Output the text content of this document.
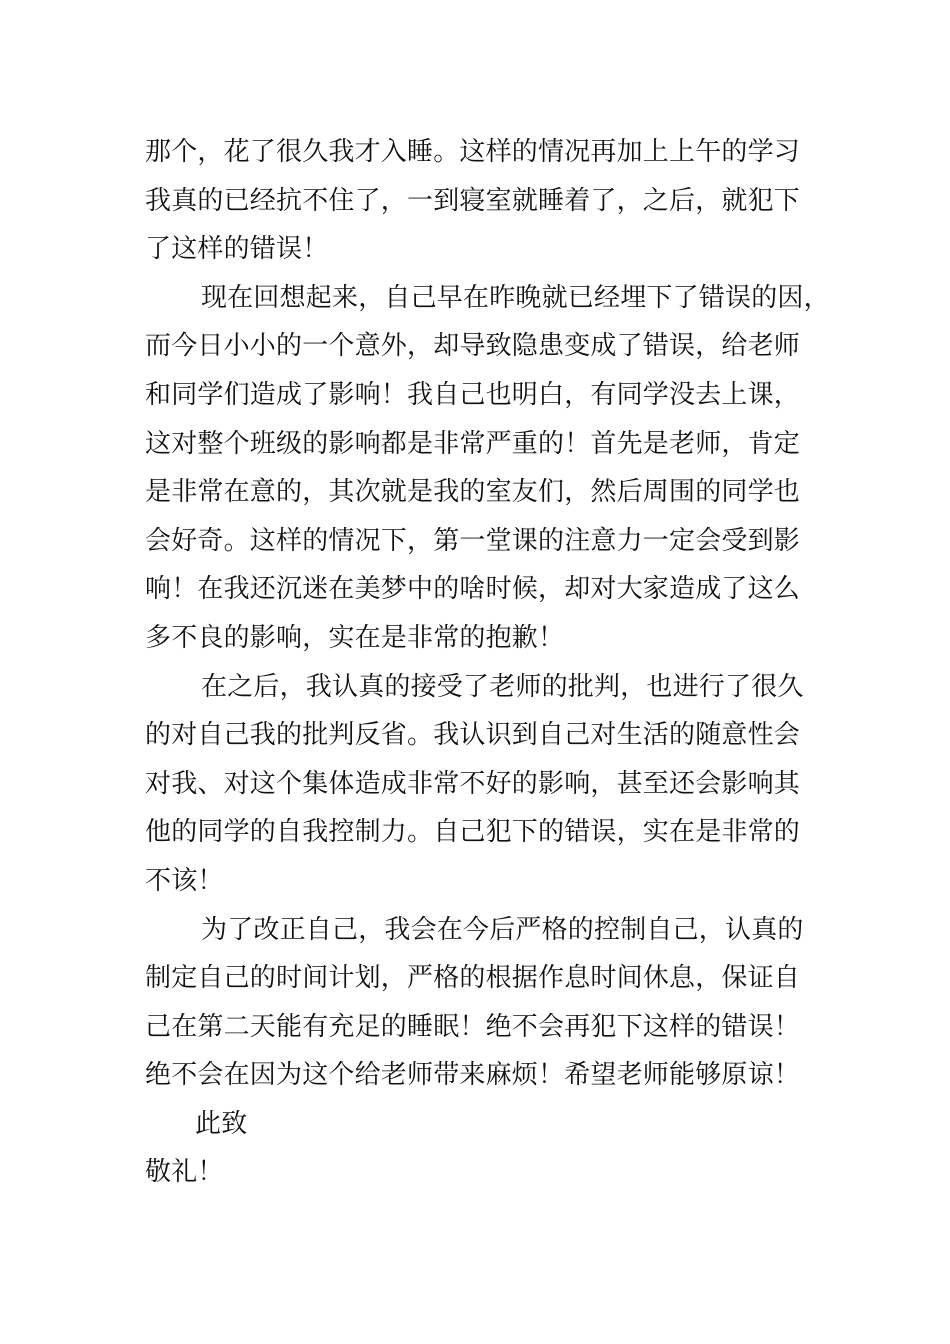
那个，花了很久我才入睡。这样的情况再加上上午的学习
我真的已经抗不住了，一到寝室就睡着了，之后，就犯下
了这样的错误！
现在回想起来，自己早在昨晚就已经埋下了错误的因，
而今日小小的一个意外，却导致隐患变成了错误，给老师
和同学们造成了影响！我自己也明白，有同学没去上课，
这对整个班级的影响都是非常严重的！首先是老师，肯定
是非常在意的，其次就是我的室友们，然后周围的同学也
会好奇。这样的情况下，第一堂课的注意力一定会受到影
响！在我还沉迷在美梦中的啥时候，却对大家造成了这么
多不良的影响，实在是非常的抱歉！
在之后，我认真的接受了老师的批判，也进行了很久
的对自己我的批判反省。我认识到自己对生活的随意性会
对我、对这个集体造成非常不好的影响，甚至还会影响其
他的同学的自我控制力。自己犯下的错误，实在是非常的
不该！
为了改正自己，我会在今后严格的控制自己，认真的
制定自己的时间计划，严格的根据作息时间休息，保证自
己在第二天能有充足的睡眠！绝不会再犯下这样的错误！
绝不会在因为这个给老师带来麻烦！希望老师能够原谅！
此致
敬礼！
